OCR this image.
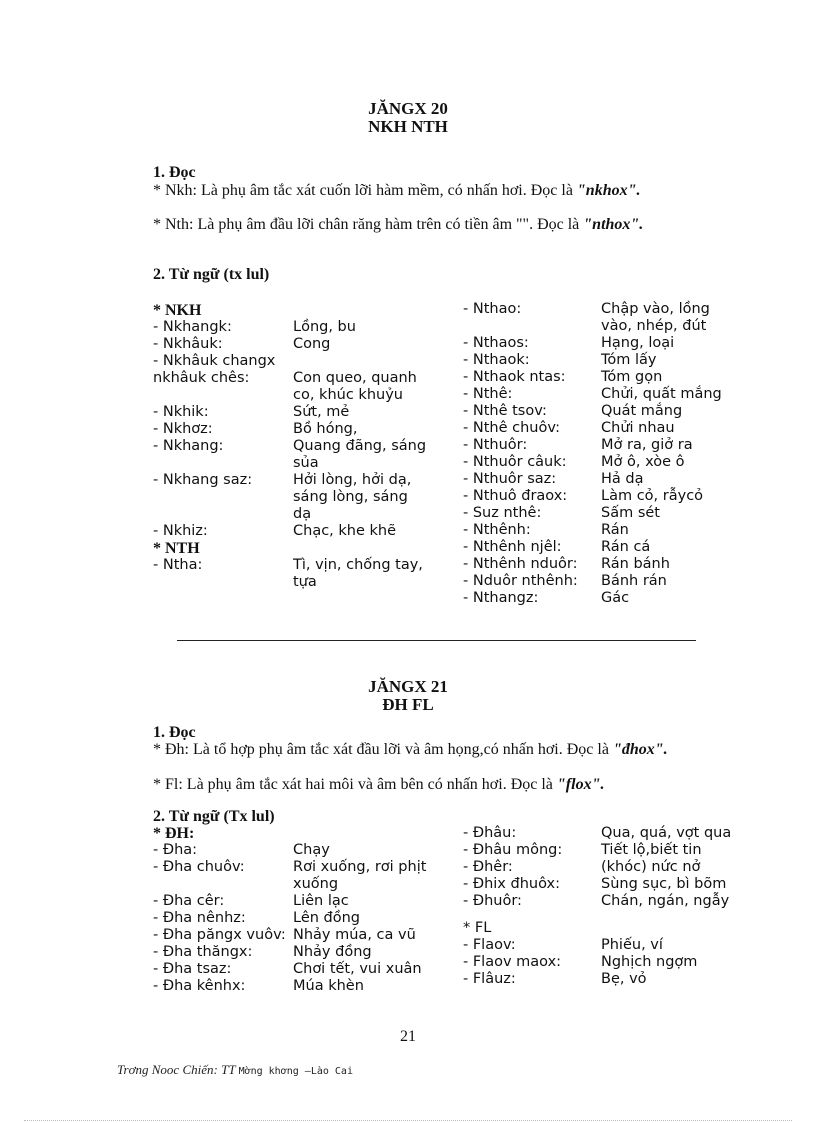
JĂNGX 20
NKH NTH
1. Đọc
* Nkh: Là phụ âm tắc xát cuốn lỡi hàm mềm, có nhấn hơi. Đọc là "nkhox".
* Nth: Là phụ âm đầu lỡi chân răng hàm trên có tiền âm "". Đọc là "nthox".
2. Từ ngữ (tx lul)
* NKH
- Nkhangk:	Lồng, bu
- Nkhâuk:	Cong
- Nkhâuk changx
nkhâuk chês:	Con queo, quanh co, khúc khuỷu
- Nkhik:	Sứt, mẻ
- Nkhơz:	Bồ hóng,
- Nkhang:	Quang đãng, sáng sủa
- Nkhang saz:	Hởi lòng, hởi dạ, sáng lòng, sáng dạ
- Nkhiz:	Chạc, khe khẽ
* NTH
- Ntha:	Tì, vịn, chống tay, tựa
- Nthao:	Chập vào, lồng vào, nhép, đút
- Nthaos:	Hạng, loại
- Nthaok:	Tóm lấy
- Nthaok ntas: Tóm gọn
- Nthê:	Chửi, quất mắng
- Nthê tsov:	Quát mắng
- Nthê chuôv:	Chửi nhau
- Nthuôr:	Mở ra, giở ra
- Nthuôr câuk: Mở ô, xòe ô
- Nthuôr saz:	Hả dạ
- Nthuô đraox: Làm cỏ, rẫycỏ
- Suz nthê:	Sấm sét
- Nthênh:	Rán
- Nthênh njêl:	Rán cá
- Nthênh nduôr: Rán bánh
- Nduôr nthênh: Bánh rán
- Nthangz:	Gác
JĂNGX 21
ĐH FL
1. Đọc
* Đh: Là tổ hợp phụ âm tắc xát đầu lỡi và âm họng,có nhấn hơi. Đọc là "đhox".
* Fl: Là phụ âm tắc xát hai môi và âm bên có nhấn hơi. Đọc là "flox".
2. Từ ngữ (Tx lul)
* ĐH:
- Đha:	Chạy
- Đha chuôv:	Rơi xuống, rơi phịt xuống
- Đha cêr:	Liên lạc
- Đha nênhz:	Lên đồng
- Đha păngx vuôv: Nhảy múa, ca vũ
- Đha thăngx:	Nhảy đồng
- Đha tsaz:	Chơi tết, vui xuân
- Đha kênhx:	Múa khèn
- Đhâu:	Qua, quá, vợt qua
- Đhâu mông:	Tiết lộ,biết tin
- Đhêr:	(khóc) nức nở
- Đhix đhuôx:	Sùng sục, bì bõm
- Đhuôr:	Chán, ngán, ngẫy
* FL
- Flaov:	Phiếu, ví
- Flaov maox:	Nghịch ngợm
- Flâuz:	Bẹ, vỏ
21
Trơng Nooc Chiến: TT Mờng khơng —Lào Cai
